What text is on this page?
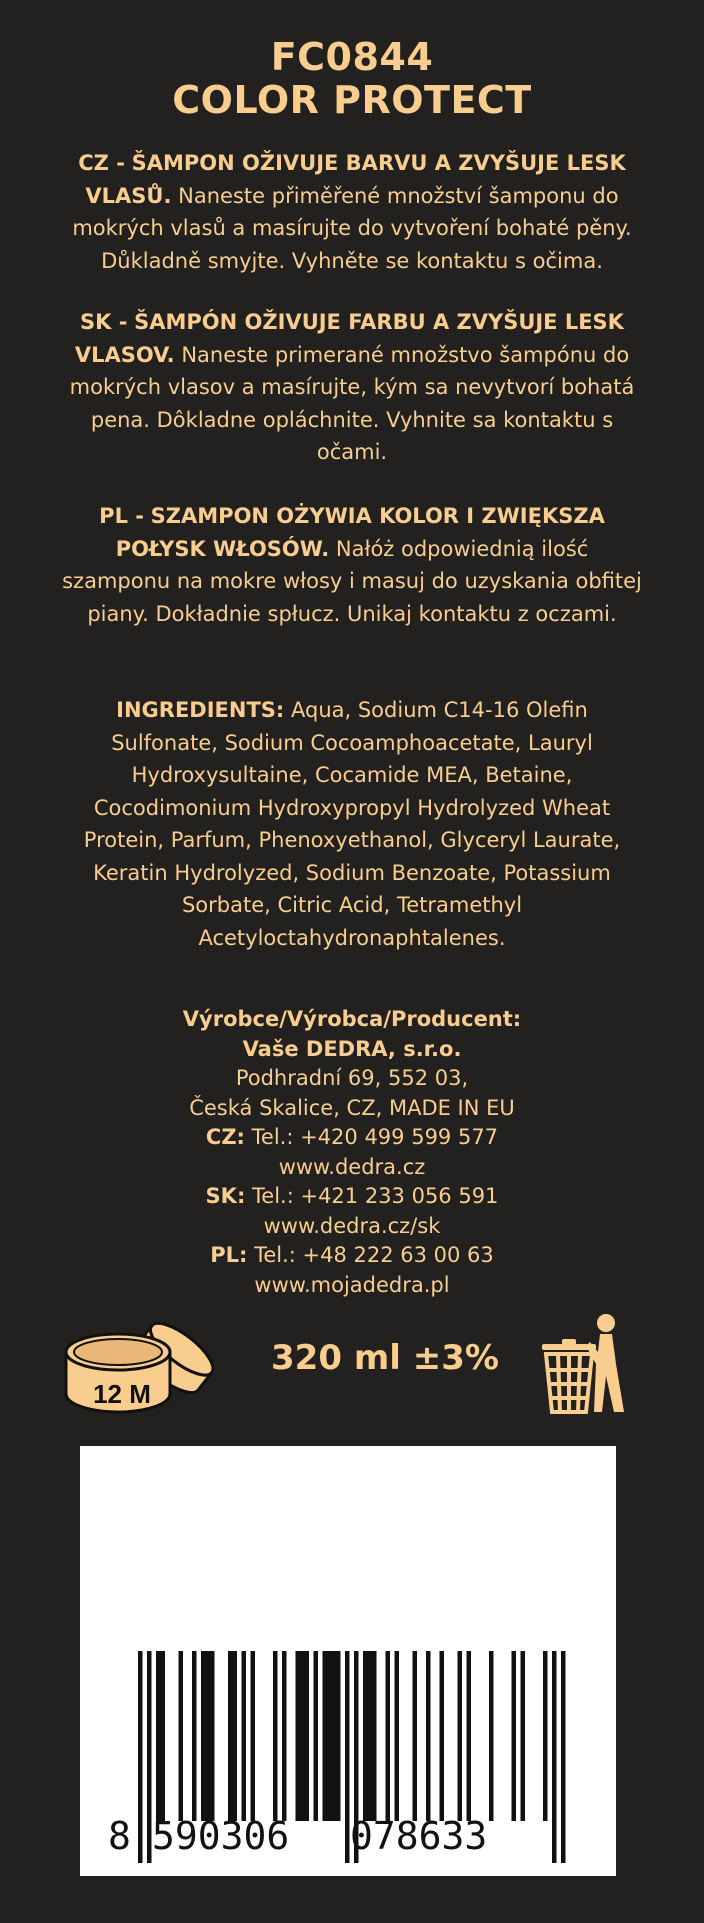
FC0844
COLOR PROTECT
CZ - ŠAMPON OŽIVUJE BARVU A ZVYŠUJE LESK VLASŮ. Naneste přiměřené množství šamponu do mokrých vlasů a masírujte do vytvoření bohaté pěny. Důkladně smyjte. Vyhněte se kontaktu s očima.
SK - ŠAMPÓN OŽIVUJE FARBU A ZVYŠUJE LESK VLASOV. Naneste primerané množstvo šampónu do mokrých vlasov a masírujte, kým sa nevytvorí bohatá pena. Dôkladne opláchnite. Vyhnite sa kontaktu s očami.
PL - SZAMPON OŻYWIA KOLOR I ZWIĘKSZA POŁYSK WŁOSÓW. Nałóż odpowiednią ilość szamponu na mokre włosy i masuj do uzyskania obfitej piany. Dokładnie spłucz. Unikaj kontaktu z oczami.
INGREDIENTS: Aqua, Sodium C14-16 Olefin Sulfonate, Sodium Cocoamphoacetate, Lauryl Hydroxysultaine, Cocamide MEA, Betaine, Cocodimonium Hydroxypropyl Hydrolyzed Wheat Protein, Parfum, Phenoxyethanol, Glyceryl Laurate, Keratin Hydrolyzed, Sodium Benzoate, Potassium Sorbate, Citric Acid, Tetramethyl Acetyloctahydronaphtalenes.
Výrobce/Výrobca/Producent:
Vaše DEDRA, s.r.o.
Podhradní 69, 552 03,
Česká Skalice, CZ, MADE IN EU
CZ: Tel.: +420 499 599 577
www.dedra.cz
SK: Tel.: +421 233 056 591
www.dedra.cz/sk
PL: Tel.: +48 222 63 00 63
www.mojadedra.pl
12 M
320 ml ±3%
8 590306 078633
